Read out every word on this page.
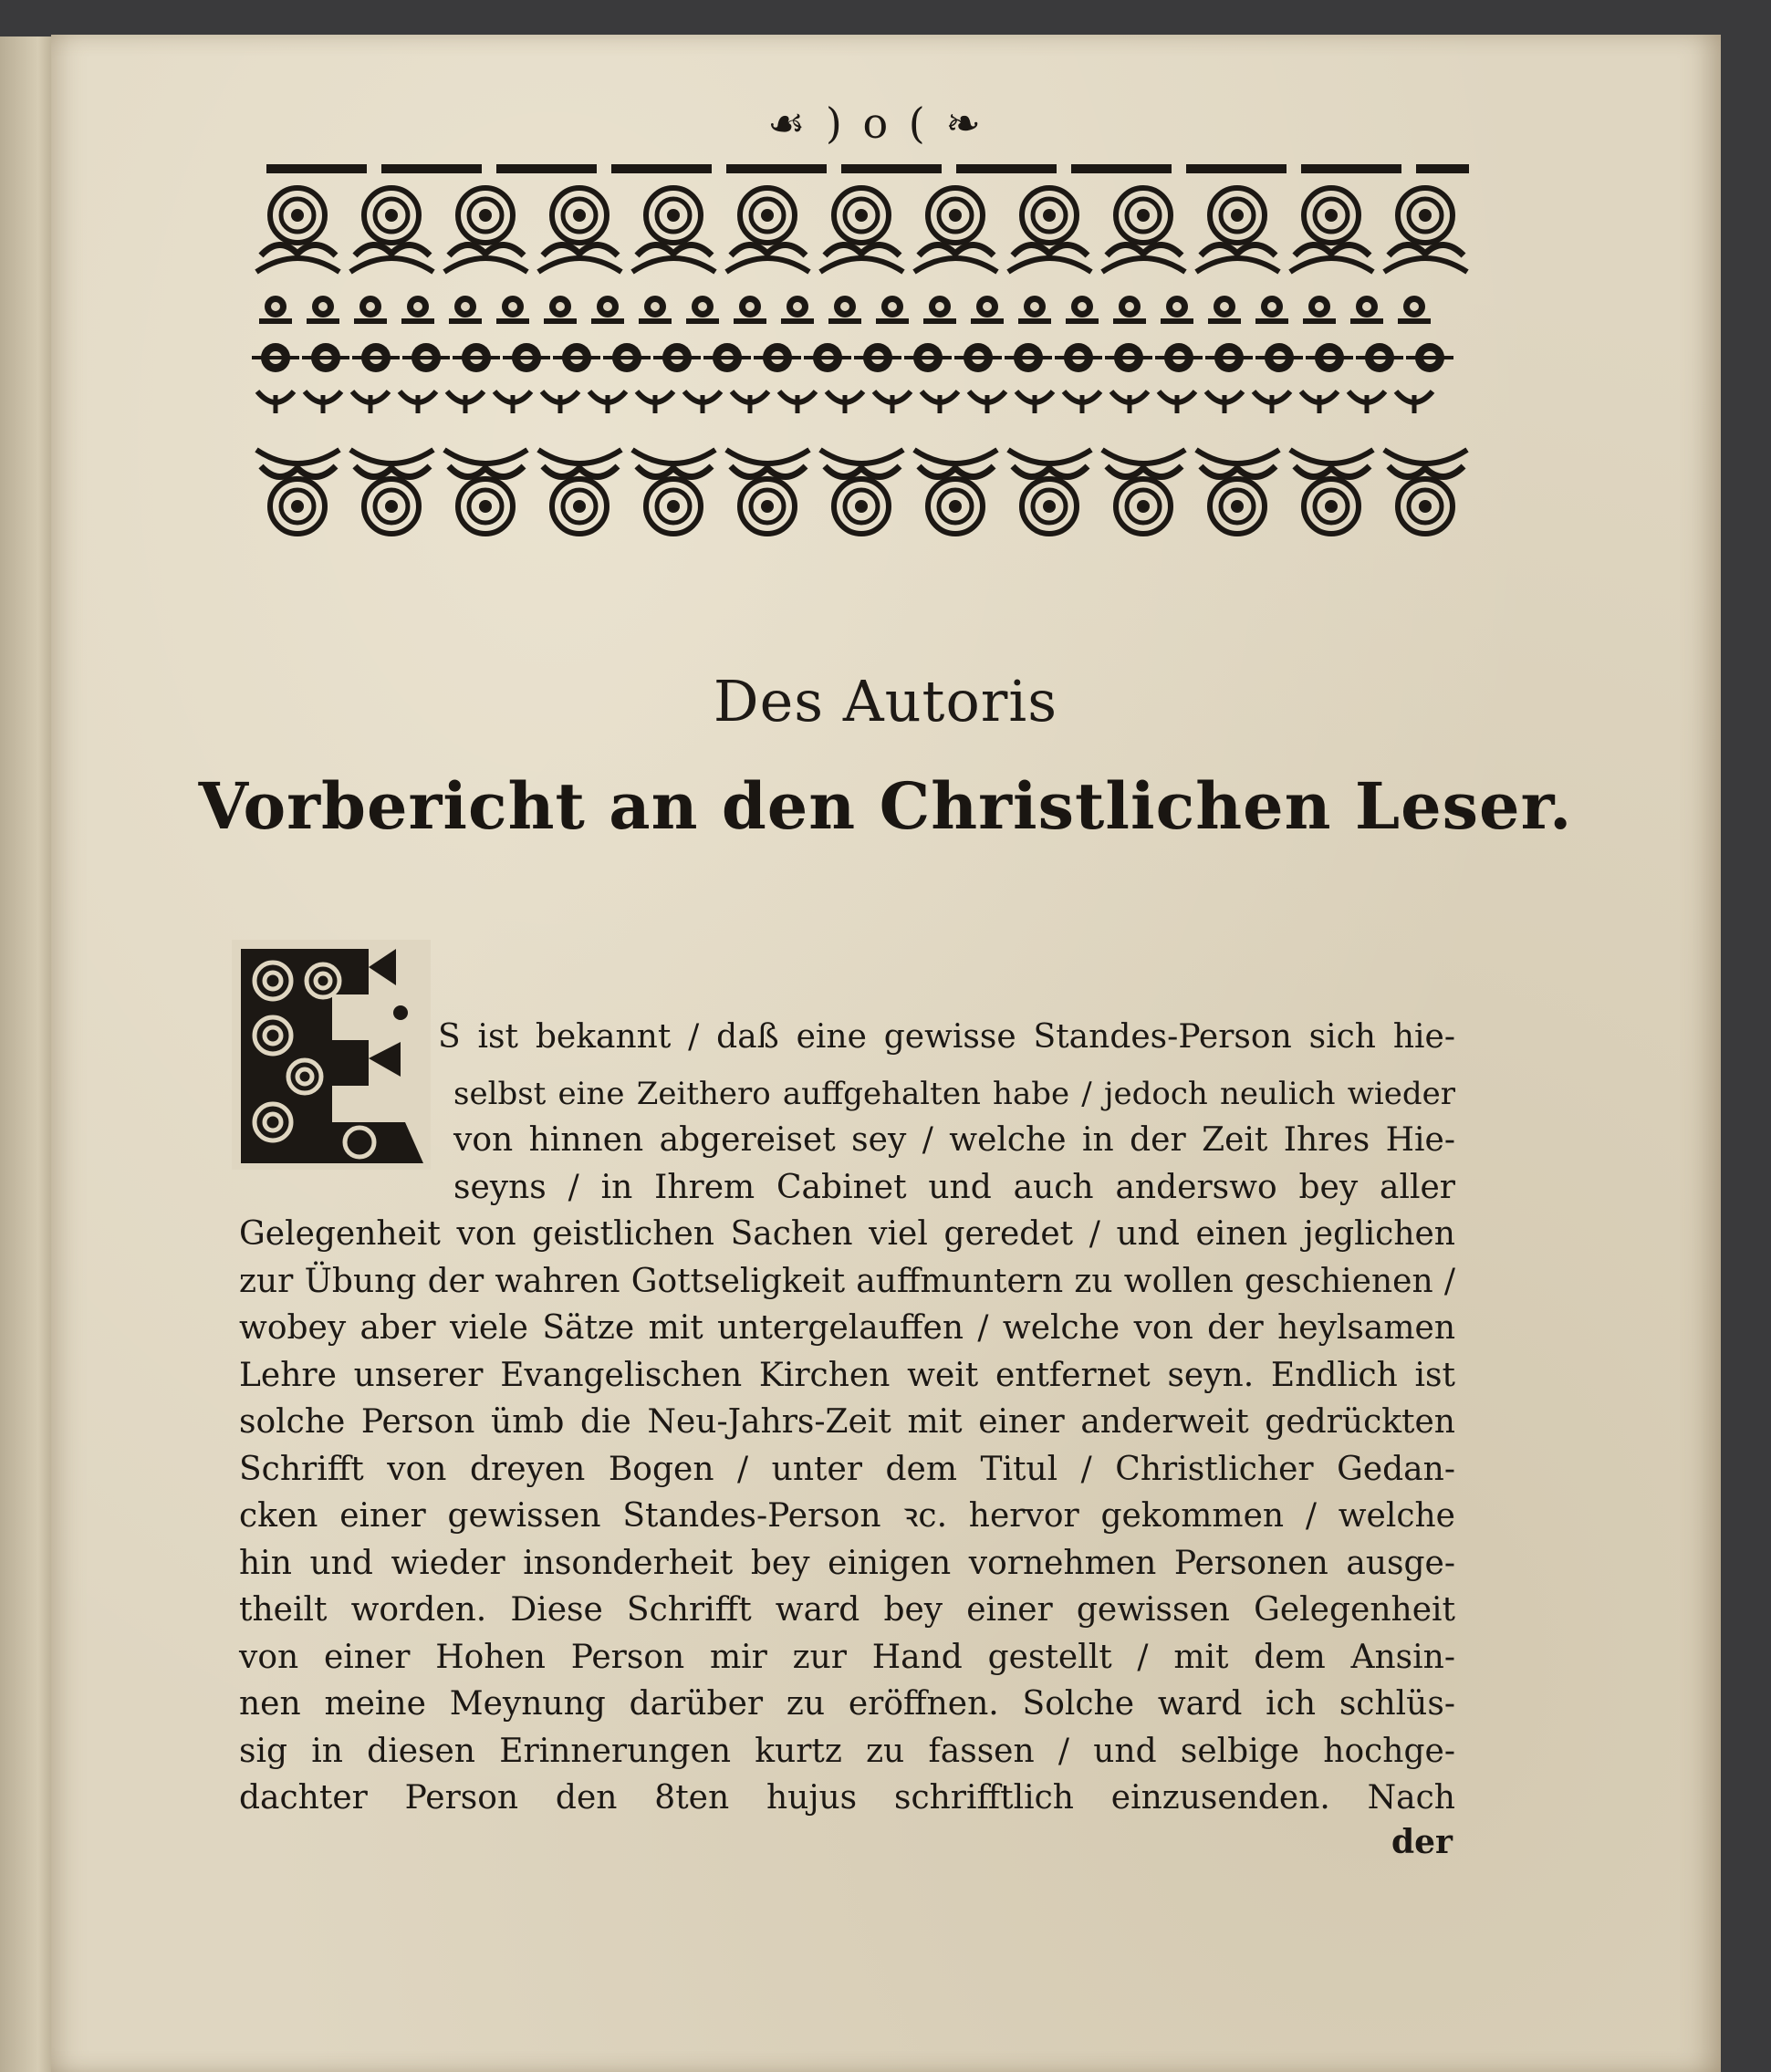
☙ ) o ( ❧
Des Autoris
Vorbericht an den Christlichen Leser.
S ist bekannt / daß eine gewisse Standes-Person sich hie-
selbst eine Zeithero auffgehalten habe / jedoch neulich wieder
von hinnen abgereiset sey / welche in der Zeit Ihres Hie-
seyns / in Ihrem Cabinet und auch anderswo bey aller
Gelegenheit von geistlichen Sachen viel geredet / und einen jeglichen
zur Übung der wahren Gottseligkeit auffmuntern zu wollen geschienen /
wobey aber viele Sätze mit untergelauffen / welche von der heylsamen
Lehre unserer Evangelischen Kirchen weit entfernet seyn. Endlich ist
solche Person ümb die Neu-Jahrs-Zeit mit einer anderweit gedrückten
Schrifft von dreyen Bogen / unter dem Titul / Christlicher Gedan-
cken einer gewissen Standes-Person ꝛc. hervor gekommen / welche
hin und wieder insonderheit bey einigen vornehmen Personen ausge-
theilt worden. Diese Schrifft ward bey einer gewissen Gelegenheit
von einer Hohen Person mir zur Hand gestellt / mit dem Ansin-
nen meine Meynung darüber zu eröffnen. Solche ward ich schlüs-
sig in diesen Erinnerungen kurtz zu fassen / und selbige hochge-
dachter Person den 8ten hujus schrifftlich einzusenden. Nach
der
